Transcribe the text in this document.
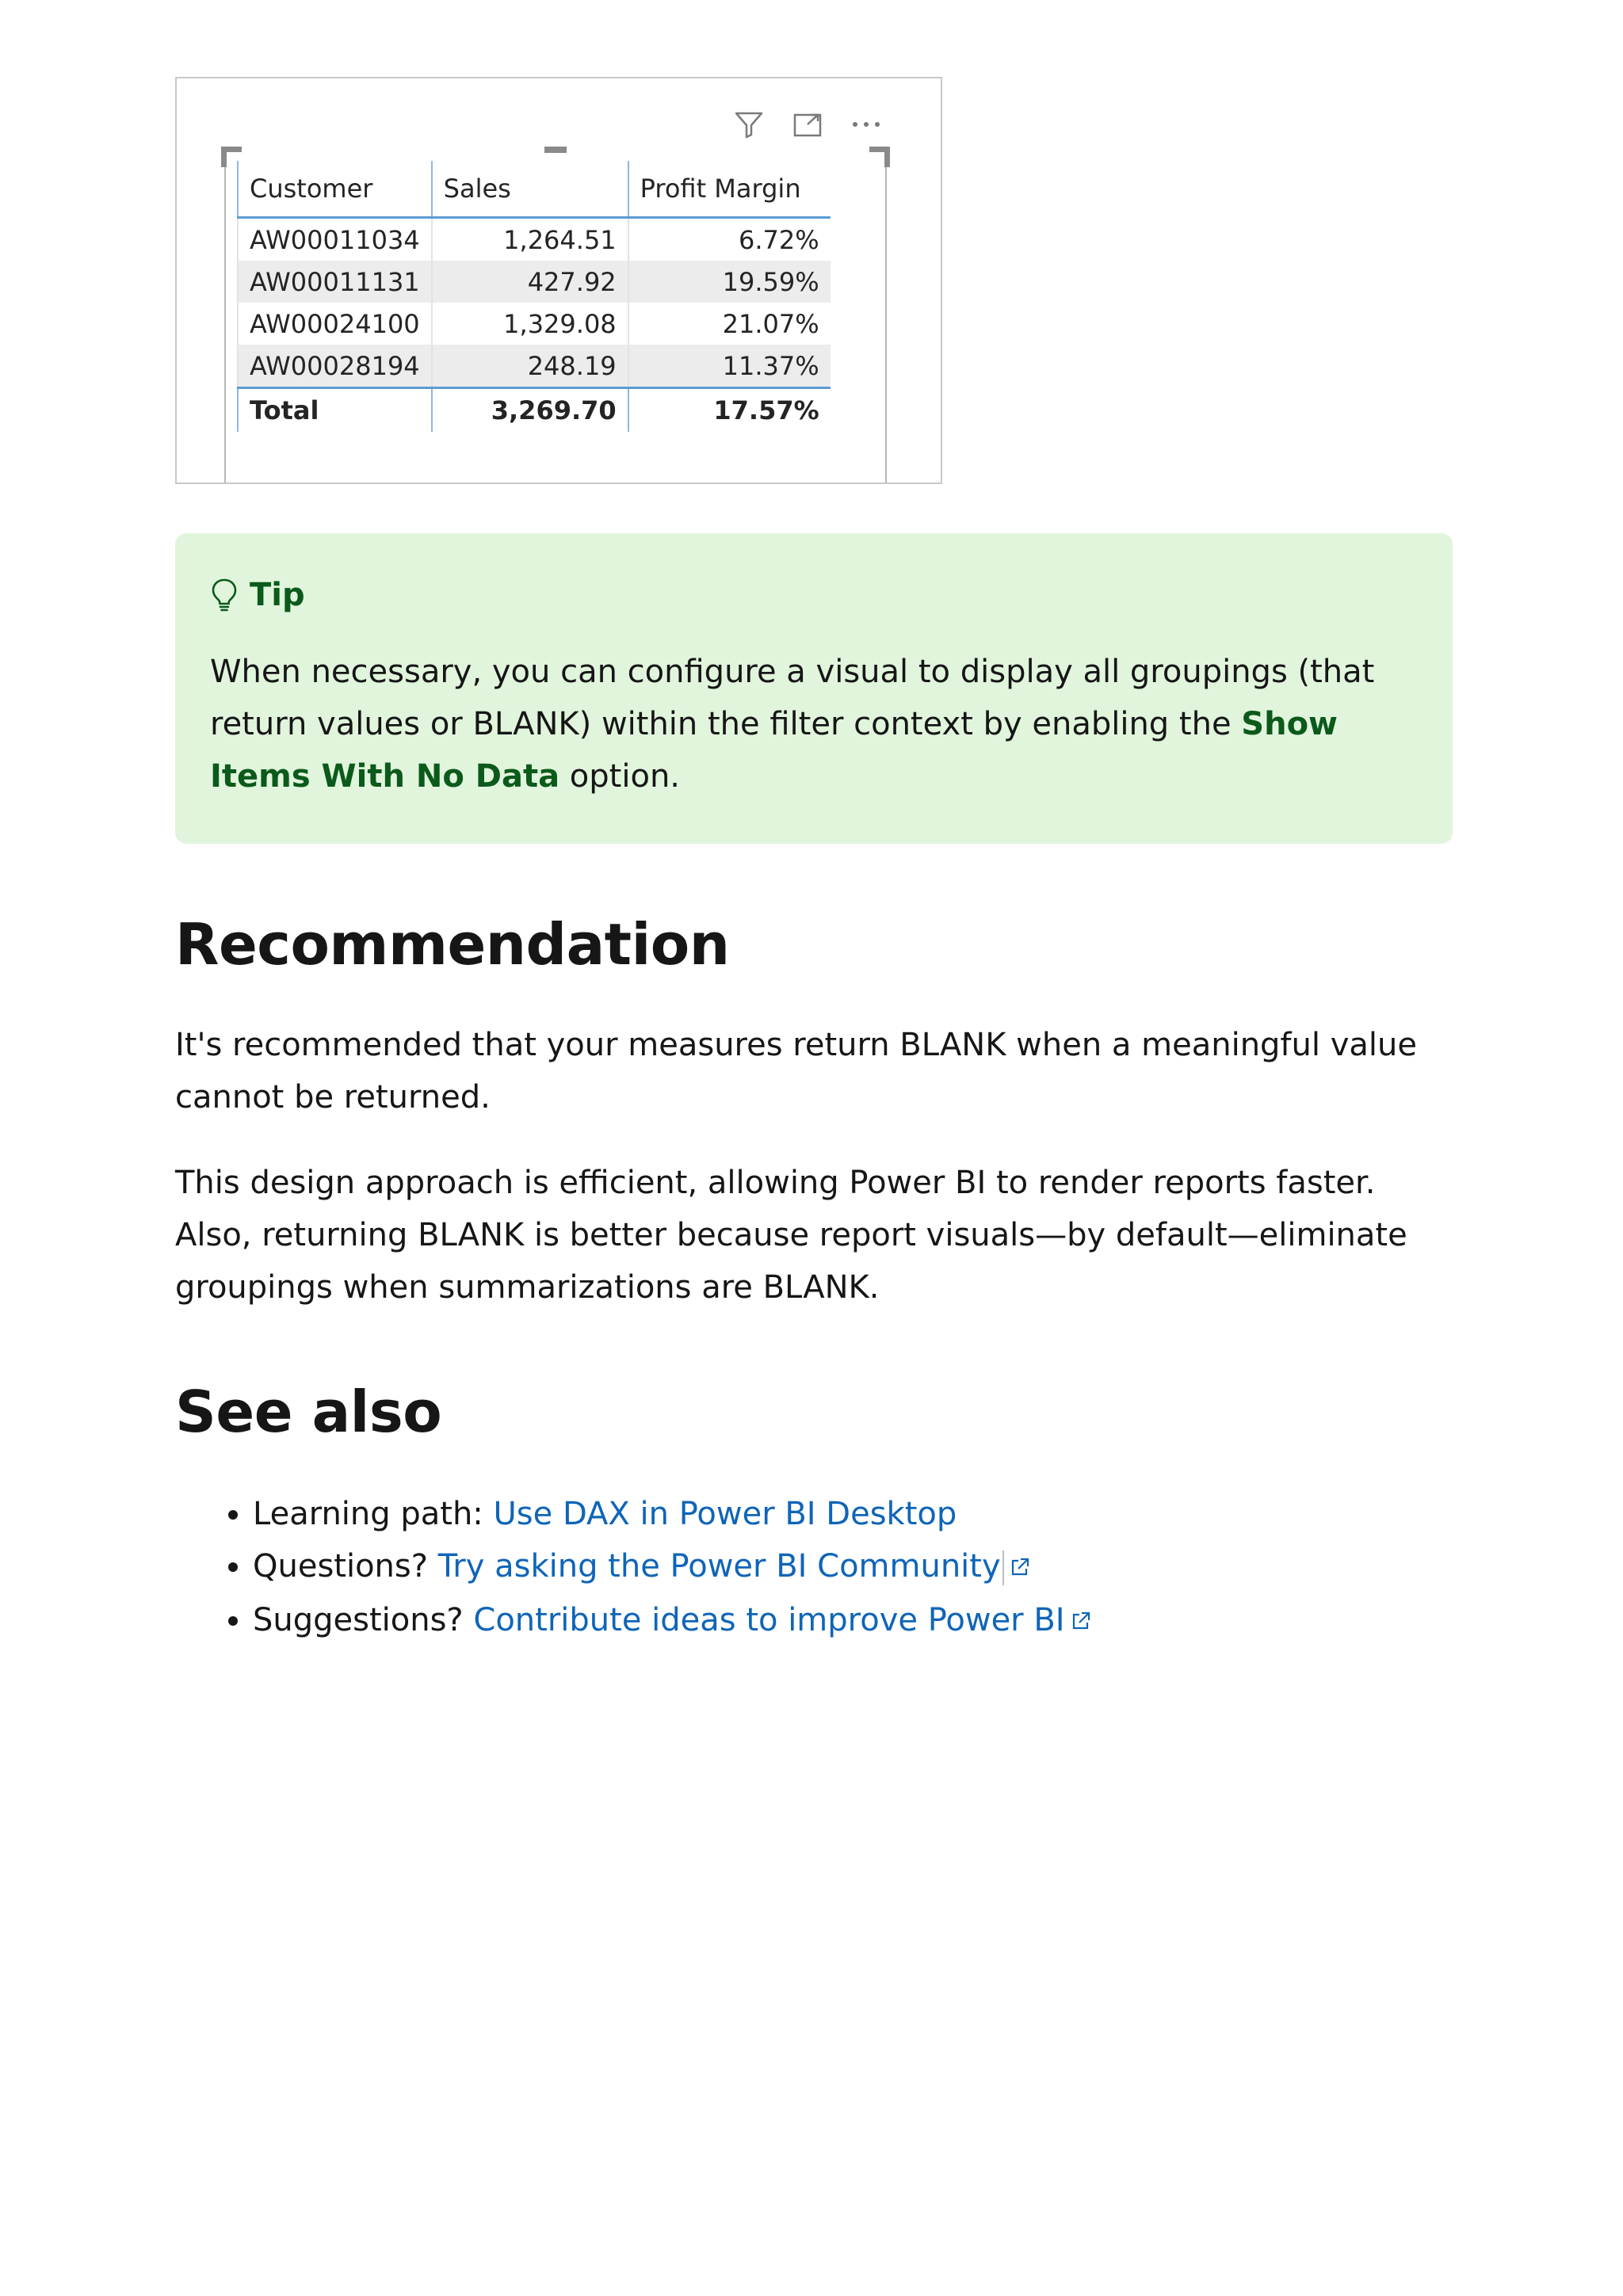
Customer	Sales	Profit Margin
AW00011034	1,264.51	6.72%
AW00011131	427.92	19.59%
AW00024100	1,329.08	21.07%
AW00028194	248.19	11.37%
Total	3,269.70	17.57%
Tip
When necessary, you can configure a visual to display all groupings (that return values or BLANK) within the filter context by enabling the Show Items With No Data option.
Recommendation

It's recommended that your measures return BLANK when a meaningful value cannot be returned.

This design approach is efficient, allowing Power BI to render reports faster. Also, returning BLANK is better because report visuals—by default—eliminate groupings when summarizations are BLANK.

See also
• Learning path: Use DAX in Power BI Desktop
• Questions? Try asking the Power BI Community
• Suggestions? Contribute ideas to improve Power BI
